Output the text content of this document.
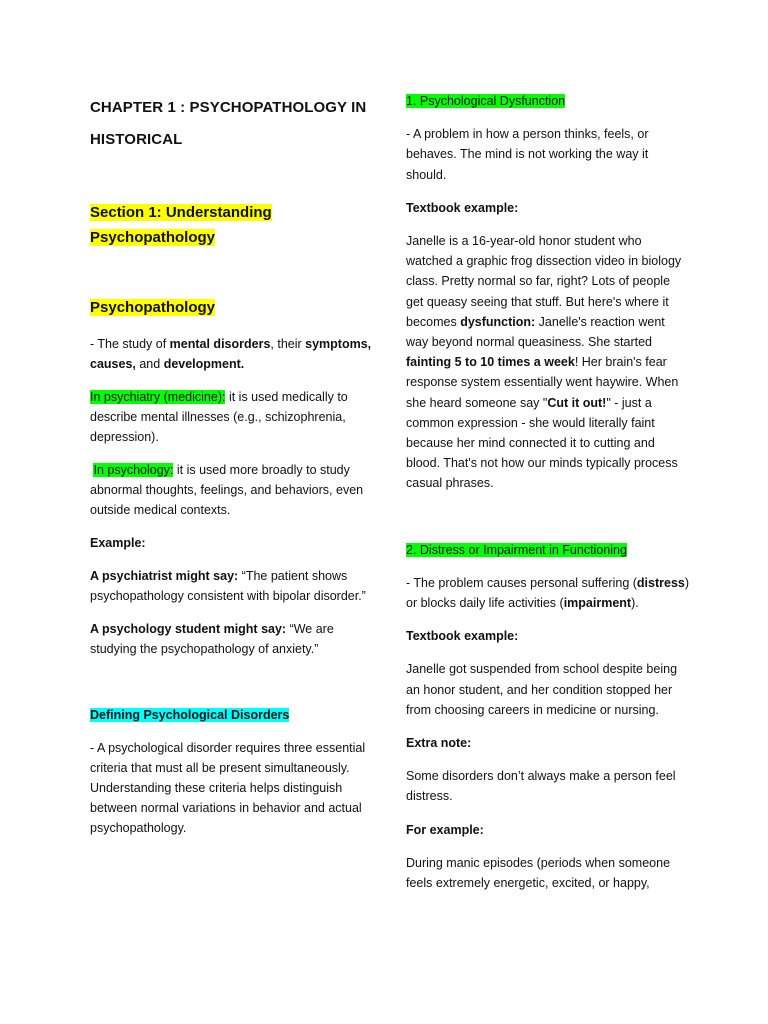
CHAPTER 1 : PSYCHOPATHOLOGY IN HISTORICAL
Section 1: Understanding
Psychopathology
Psychopathology

- The study of mental disorders, their symptoms, causes, and development.

In psychiatry (medicine): it is used medically to describe mental illnesses (e.g., schizophrenia, depression).

In psychology: it is used more broadly to study abnormal thoughts, feelings, and behaviors, even outside medical contexts.

Example:

A psychiatrist might say: “The patient shows psychopathology consistent with bipolar disorder.”

A psychology student might say: “We are studying the psychopathology of anxiety.”

Defining Psychological Disorders

- A psychological disorder requires three essential criteria that must all be present simultaneously. Understanding these criteria helps distinguish between normal variations in behavior and actual psychopathology.

1. Psychological Dysfunction

- A problem in how a person thinks, feels, or behaves. The mind is not working the way it should.

Textbook example:

Janelle is a 16-year-old honor student who watched a graphic frog dissection video in biology class. Pretty normal so far, right? Lots of people get queasy seeing that stuff. But here's where it becomes dysfunction: Janelle's reaction went way beyond normal queasiness. She started fainting 5 to 10 times a week! Her brain's fear response system essentially went haywire. When she heard someone say "Cut it out!" - just a common expression - she would literally faint because her mind connected it to cutting and blood. That's not how our minds typically process casual phrases.

2. Distress or Impairment in Functioning

- The problem causes personal suffering (distress) or blocks daily life activities (impairment).

Textbook example:

Janelle got suspended from school despite being an honor student, and her condition stopped her from choosing careers in medicine or nursing.

Extra note:

Some disorders don’t always make a person feel distress.

For example:

During manic episodes (periods when someone feels extremely energetic, excited, or happy,
